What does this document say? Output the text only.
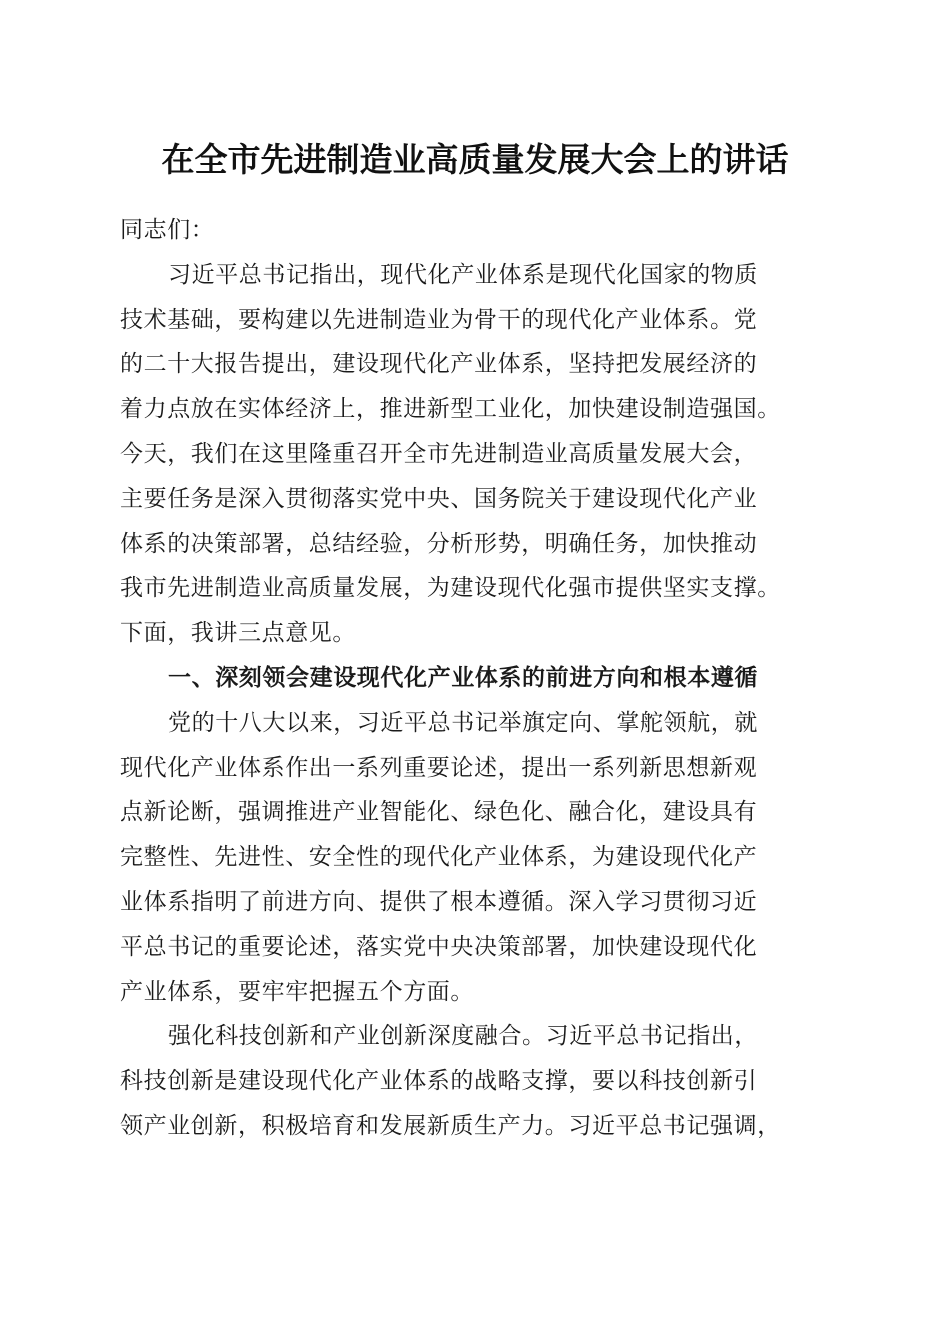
在全市先进制造业高质量发展大会上的讲话

同志们：

习近平总书记指出，现代化产业体系是现代化国家的物质

技术基础，要构建以先进制造业为骨干的现代化产业体系。党

的二十大报告提出，建设现代化产业体系，坚持把发展经济的

着力点放在实体经济上，推进新型工业化，加快建设制造强国。

今天，我们在这里隆重召开全市先进制造业高质量发展大会，

主要任务是深入贯彻落实党中央、国务院关于建设现代化产业

体系的决策部署，总结经验，分析形势，明确任务，加快推动

我市先进制造业高质量发展，为建设现代化强市提供坚实支撑。

下面，我讲三点意见。

一、深刻领会建设现代化产业体系的前进方向和根本遵循

党的十八大以来，习近平总书记举旗定向、掌舵领航，就

现代化产业体系作出一系列重要论述，提出一系列新思想新观

点新论断，强调推进产业智能化、绿色化、融合化，建设具有

完整性、先进性、安全性的现代化产业体系，为建设现代化产

业体系指明了前进方向、提供了根本遵循。深入学习贯彻习近

平总书记的重要论述，落实党中央决策部署，加快建设现代化

产业体系，要牢牢把握五个方面。

强化科技创新和产业创新深度融合。习近平总书记指出，

科技创新是建设现代化产业体系的战略支撑，要以科技创新引

领产业创新，积极培育和发展新质生产力。习近平总书记强调，
